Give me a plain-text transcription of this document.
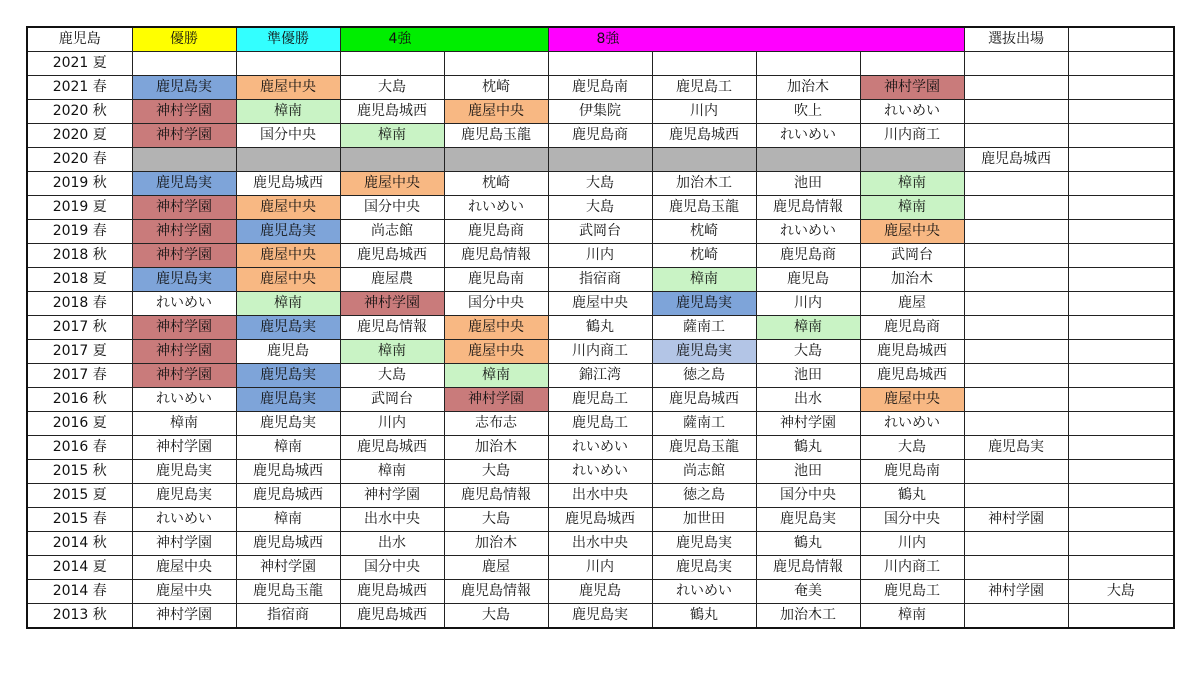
鹿児島	優勝	準優勝	4強		8強				選抜出場	
2021 夏										
2021 春	鹿児島実	鹿屋中央	大島	枕崎	鹿児島南	鹿児島工	加治木	神村学園		
2020 秋	神村学園	樟南	鹿児島城西	鹿屋中央	伊集院	川内	吹上	れいめい		
2020 夏	神村学園	国分中央	樟南	鹿児島玉龍	鹿児島商	鹿児島城西	れいめい	川内商工		
2020 春									鹿児島城西	
2019 秋	鹿児島実	鹿児島城西	鹿屋中央	枕崎	大島	加治木工	池田	樟南		
2019 夏	神村学園	鹿屋中央	国分中央	れいめい	大島	鹿児島玉龍	鹿児島情報	樟南		
2019 春	神村学園	鹿児島実	尚志館	鹿児島商	武岡台	枕崎	れいめい	鹿屋中央		
2018 秋	神村学園	鹿屋中央	鹿児島城西	鹿児島情報	川内	枕崎	鹿児島商	武岡台		
2018 夏	鹿児島実	鹿屋中央	鹿屋農	鹿児島南	指宿商	樟南	鹿児島	加治木		
2018 春	れいめい	樟南	神村学園	国分中央	鹿屋中央	鹿児島実	川内	鹿屋		
2017 秋	神村学園	鹿児島実	鹿児島情報	鹿屋中央	鶴丸	薩南工	樟南	鹿児島商		
2017 夏	神村学園	鹿児島	樟南	鹿屋中央	川内商工	鹿児島実	大島	鹿児島城西		
2017 春	神村学園	鹿児島実	大島	樟南	錦江湾	徳之島	池田	鹿児島城西		
2016 秋	れいめい	鹿児島実	武岡台	神村学園	鹿児島工	鹿児島城西	出水	鹿屋中央		
2016 夏	樟南	鹿児島実	川内	志布志	鹿児島工	薩南工	神村学園	れいめい		
2016 春	神村学園	樟南	鹿児島城西	加治木	れいめい	鹿児島玉龍	鶴丸	大島	鹿児島実	
2015 秋	鹿児島実	鹿児島城西	樟南	大島	れいめい	尚志館	池田	鹿児島南		
2015 夏	鹿児島実	鹿児島城西	神村学園	鹿児島情報	出水中央	徳之島	国分中央	鶴丸		
2015 春	れいめい	樟南	出水中央	大島	鹿児島城西	加世田	鹿児島実	国分中央	神村学園	
2014 秋	神村学園	鹿児島城西	出水	加治木	出水中央	鹿児島実	鶴丸	川内		
2014 夏	鹿屋中央	神村学園	国分中央	鹿屋	川内	鹿児島実	鹿児島情報	川内商工		
2014 春	鹿屋中央	鹿児島玉龍	鹿児島城西	鹿児島情報	鹿児島	れいめい	奄美	鹿児島工	神村学園	大島
2013 秋	神村学園	指宿商	鹿児島城西	大島	鹿児島実	鶴丸	加治木工	樟南		
